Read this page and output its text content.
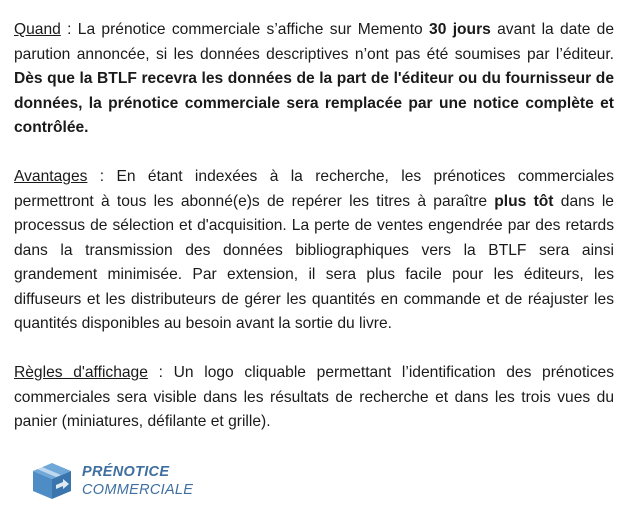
Quand : La prénotice commerciale s’affiche sur Memento 30 jours avant la date de parution annoncée, si les données descriptives n’ont pas été soumises par l’éditeur. Dès que la BTLF recevra les données de la part de l'éditeur ou du fournisseur de données, la prénotice commerciale sera remplacée par une notice complète et contrôlée.

Avantages : En étant indexées à la recherche, les prénotices commerciales permettront à tous les abonné(e)s de repérer les titres à paraître plus tôt dans le processus de sélection et d'acquisition. La perte de ventes engendrée par des retards dans la transmission des données bibliographiques vers la BTLF sera ainsi grandement minimisée. Par extension, il sera plus facile pour les éditeurs, les diffuseurs et les distributeurs de gérer les quantités en commande et de réajuster les quantités disponibles au besoin avant la sortie du livre.

Règles d'affichage : Un logo cliquable permettant l’identification des prénotices commerciales sera visible dans les résultats de recherche et dans les trois vues du panier (miniatures, défilante et grille).

PRÉNOTICE
COMMERCIALE
